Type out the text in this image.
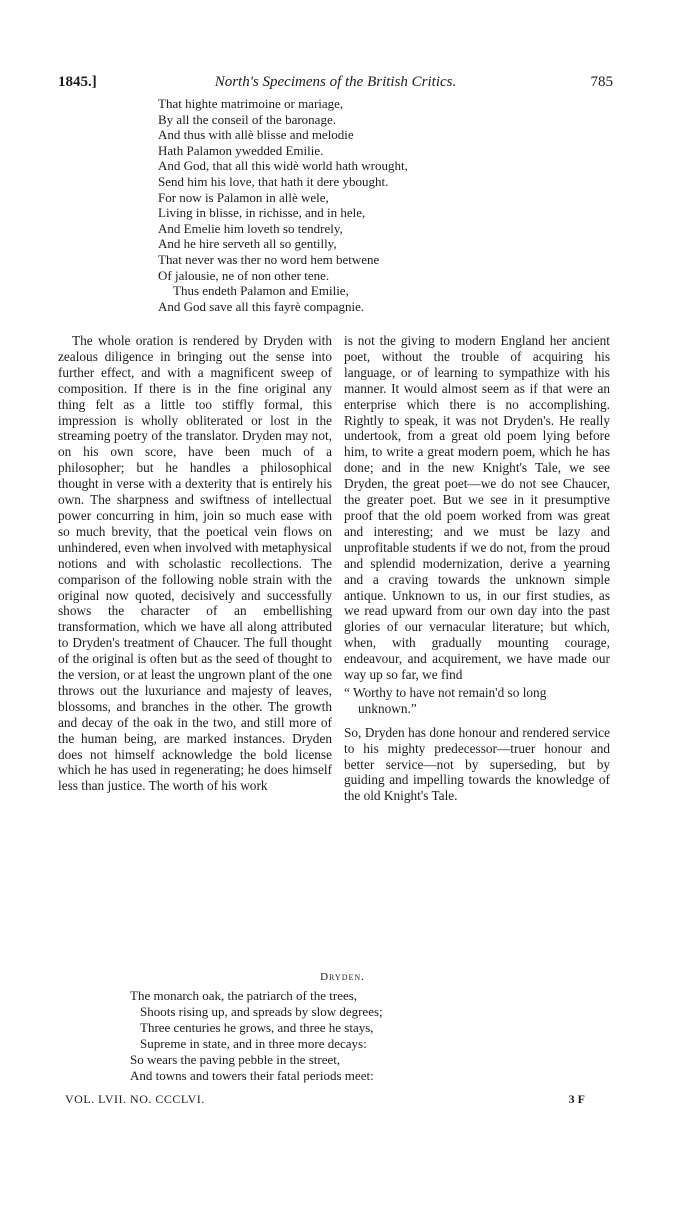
1845.]	North's Specimens of the British Critics.	785
That highte matrimoine or mariage,
By all the conseil of the baronage.
And thus with allè blisse and melodie
Hath Palamon ywedded Emilie.
And God, that all this widè world hath wrought,
Send him his love, that hath it dere ybought.
For now is Palamon in allè wele,
Living in blisse, in richisse, and in hele,
And Emelie him loveth so tendrely,
And he hire serveth all so gentilly,
That never was ther no word hem betwene
Of jalousie, ne of non other tene.
Thus endeth Palamon and Emilie,
And God save all this fayrè compagnie.

The whole oration is rendered by Dryden with zealous diligence in bringing out the sense into further effect, and with a magnificent sweep of composition. If there is in the fine original any thing felt as a little too stiffly formal, this impression is wholly obliterated or lost in the streaming poetry of the translator. Dryden may not, on his own score, have been much of a philosopher; but he handles a philosophical thought in verse with a dexterity that is entirely his own. The sharpness and swiftness of intellectual power concurring in him, join so much ease with so much brevity, that the poetical vein flows on unhindered, even when involved with metaphysical notions and with scholastic recollections. The comparison of the following noble strain with the original now quoted, decisively and successfully shows the character of an embellishing transformation, which we have all along attributed to Dryden's treatment of Chaucer. The full thought of the original is often but as the seed of thought to the version, or at least the ungrown plant of the one throws out the luxuriance and majesty of leaves, blossoms, and branches in the other. The growth and decay of the oak in the two, and still more of the human being, are marked instances. Dryden does not himself acknowledge the bold license which he has used in regenerating; he does himself less than justice. The worth of his work

is not the giving to modern England her ancient poet, without the trouble of acquiring his language, or of learning to sympathize with his manner. It would almost seem as if that were an enterprise which there is no accomplishing. Rightly to speak, it was not Dryden's. He really undertook, from a great old poem lying before him, to write a great modern poem, which he has done; and in the new Knight's Tale, we see Dryden, the great poet—we do not see Chaucer, the greater poet. But we see in it presumptive proof that the old poem worked from was great and interesting; and we must be lazy and unprofitable students if we do not, from the proud and splendid modernization, derive a yearning and a craving towards the unknown simple antique. Unknown to us, in our first studies, as we read upward from our own day into the past glories of our vernacular literature; but which, when, with gradually mounting courage, endeavour, and acquirement, we have made our way up so far, we find

“ Worthy to have not remain'd so long
unknown.”

So, Dryden has done honour and rendered service to his mighty predecessor—truer honour and better service—not by superseding, but by guiding and impelling towards the knowledge of the old Knight's Tale.

Dryden.
The monarch oak, the patriarch of the trees,
Shoots rising up, and spreads by slow degrees;
Three centuries he grows, and three he stays,
Supreme in state, and in three more decays:
So wears the paving pebble in the street,
And towns and towers their fatal periods meet:
VOL. LVII. NO. CCCLVI.	3 F
